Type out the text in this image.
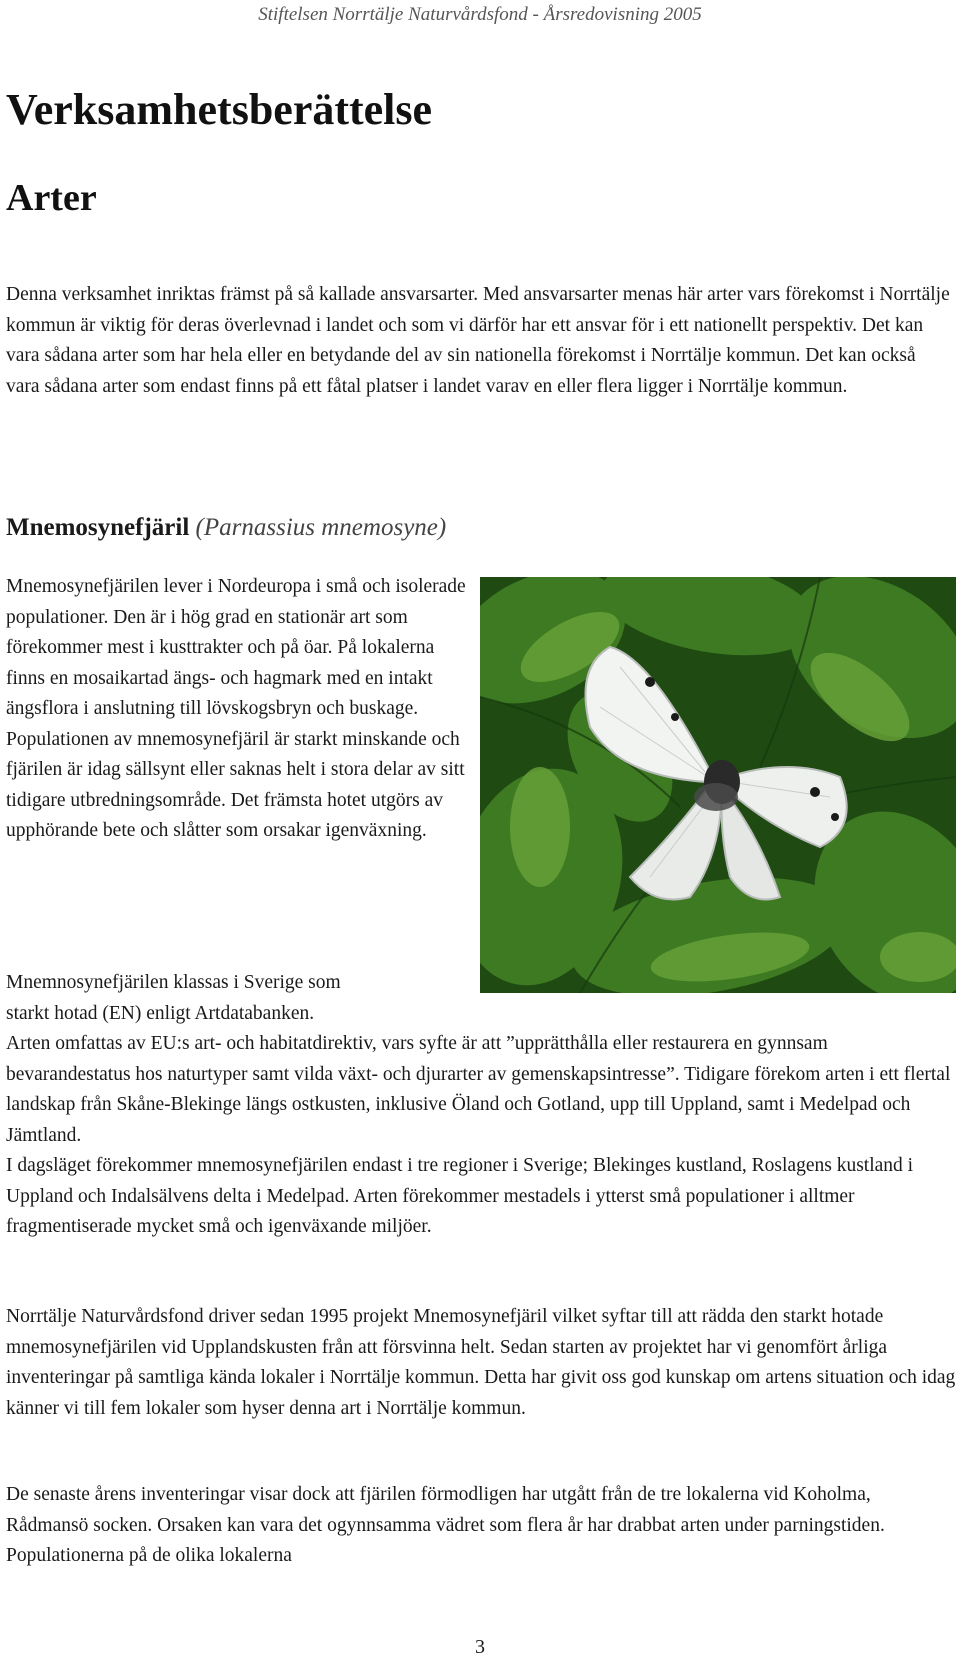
Stiftelsen Norrtälje Naturvårdsfond - Årsredovisning 2005
Verksamhetsberättelse
Arter

Denna verksamhet inriktas främst på så kallade ansvarsarter. Med ansvarsarter menas här arter vars förekomst i Norrtälje kommun är viktig för deras överlevnad i landet och som vi därför har ett ansvar för i ett nationellt perspektiv. Det kan vara sådana arter som har hela eller en betydande del av sin nationella förekomst i Norrtälje kommun. Det kan också vara sådana arter som endast finns på ett fåtal platser i landet varav en eller flera ligger i Norrtälje kommun.

Mnemosynefjäril (Parnassius mnemosyne)

Mnemosynefjärilen lever i Nordeuropa i små och isolerade populationer. Den är i hög grad en stationär art som förekommer mest i kusttrakter och på öar. På lokalerna finns en mosaikartad ängs- och hagmark med en intakt ängsflora i anslutning till lövskogsbryn och buskage. Populationen av mnemosynefjäril är starkt minskande och fjärilen är idag sällsynt eller saknas helt i stora delar av sitt tidigare utbredningsområde. Det främsta hotet utgörs av upphörande bete och slåtter som orsakar igenväxning.

Mnemnosynefjärilen klassas i Sverige som
starkt hotad (EN) enligt Artdatabanken.
Arten omfattas av EU:s art- och habitatdirektiv, vars syfte är att ”upprätthålla eller restaurera en gynnsam bevarandestatus hos naturtyper samt vilda växt- och djurarter av gemenskapsintresse”. Tidigare förekom arten i ett flertal landskap från Skåne-Blekinge längs ostkusten, inklusive Öland och Gotland, upp till Uppland, samt i Medelpad och Jämtland.
I dagsläget förekommer mnemosynefjärilen endast i tre regioner i Sverige; Blekinges kustland, Roslagens kustland i Uppland och Indalsälvens delta i Medelpad. Arten förekommer mestadels i ytterst små populationer i alltmer fragmentiserade mycket små och igenväxande miljöer.

Norrtälje Naturvårdsfond driver sedan 1995 projekt Mnemosynefjäril vilket syftar till att rädda den starkt hotade mnemosynefjärilen vid Upplandskusten från att försvinna helt. Sedan starten av projektet har vi genomfört årliga inventeringar på samtliga kända lokaler i Norrtälje kommun. Detta har givit oss god kunskap om artens situation och idag känner vi till fem lokaler som hyser denna art i Norrtälje kommun.

De senaste årens inventeringar visar dock att fjärilen förmodligen har utgått från de tre lokalerna vid Koholma, Rådmansö socken. Orsaken kan vara det ogynnsamma vädret som flera år har drabbat arten under parningstiden. Populationerna på de olika lokalerna

3
